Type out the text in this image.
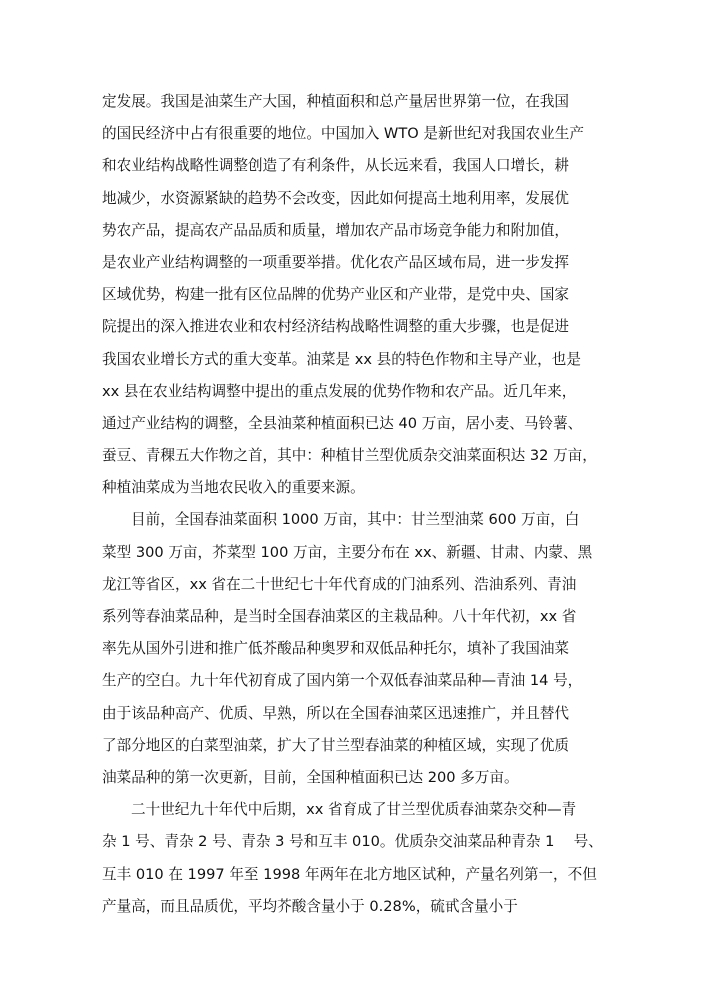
定发展。我国是油菜生产大国，种植面积和总产量居世界第一位，在我国
的国民经济中占有很重要的地位。中国加入 WTO 是新世纪对我国农业生产
和农业结构战略性调整创造了有利条件，从长远来看，我国人口增长，耕
地减少，水资源紧缺的趋势不会改变，因此如何提高土地利用率，发展优
势农产品，提高农产品品质和质量，增加农产品市场竞争能力和附加值，
是农业产业结构调整的一项重要举措。优化农产品区域布局，进一步发挥
区域优势，构建一批有区位品牌的优势产业区和产业带，是党中央、国家
院提出的深入推进农业和农村经济结构战略性调整的重大步骤，也是促进
我国农业增长方式的重大变革。油菜是 xx 县的特色作物和主导产业，也是
xx 县在农业结构调整中提出的重点发展的优势作物和农产品。近几年来，
通过产业结构的调整，全县油菜种植面积已达 40 万亩，居小麦、马铃薯、
蚕豆、青稞五大作物之首，其中：种植甘兰型优质杂交油菜面积达 32 万亩，
种植油菜成为当地农民收入的重要来源。
目前，全国春油菜面积 1000 万亩，其中：甘兰型油菜 600 万亩，白
菜型 300 万亩，芥菜型 100 万亩，主要分布在 xx、新疆、甘肃、内蒙、黑
龙江等省区，xx 省在二十世纪七十年代育成的门油系列、浩油系列、青油
系列等春油菜品种，是当时全国春油菜区的主栽品种。八十年代初，xx 省
率先从国外引进和推广低芥酸品种奥罗和双低品种托尔，填补了我国油菜
生产的空白。九十年代初育成了国内第一个双低春油菜品种—青油 14 号，
由于该品种高产、优质、早熟，所以在全国春油菜区迅速推广，并且替代
了部分地区的白菜型油菜，扩大了甘兰型春油菜的种植区域，实现了优质
油菜品种的第一次更新，目前，全国种植面积已达 200 多万亩。
二十世纪九十年代中后期，xx 省育成了甘兰型优质春油菜杂交种—青
杂 1 号、青杂 2 号、青杂 3 号和互丰 010。优质杂交油菜品种青杂 1　 号、
互丰 010 在 1997 年至 1998 年两年在北方地区试种，产量名列第一，不但
产量高，而且品质优，平均芥酸含量小于 0.28%，硫甙含量小于
